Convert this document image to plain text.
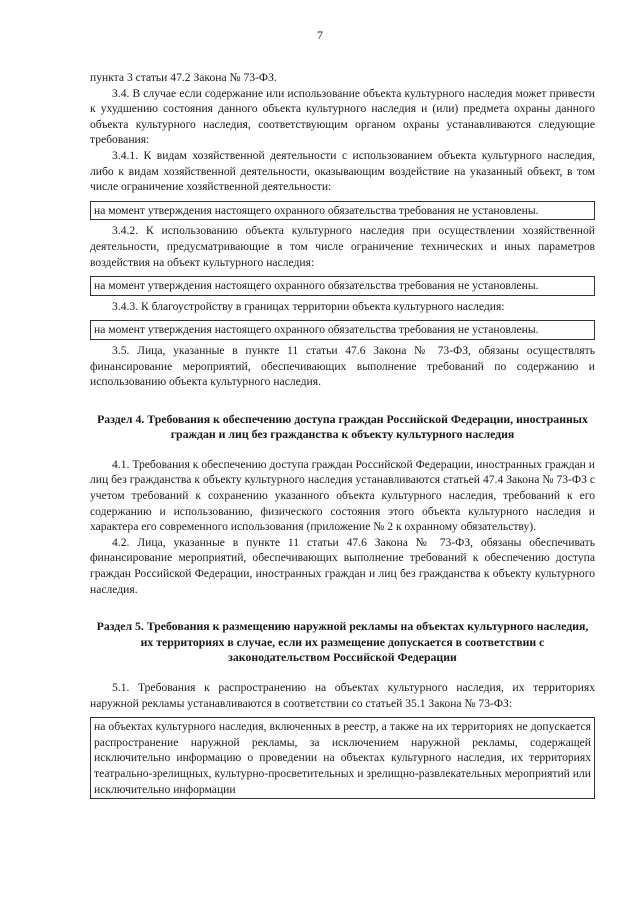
7

пункта 3 статьи 47.2 Закона № 73-ФЗ.

3.4. В случае если содержание или использование объекта культурного наследия может привести к ухудшению состояния данного объекта культурного наследия и (или) предмета охраны данного объекта культурного наследия, соответствующим органом охраны устанавливаются следующие требования:

3.4.1. К видам хозяйственной деятельности с использованием объекта культурного наследия, либо к видам хозяйственной деятельности, оказывающим воздействие на указанный объект, в том числе ограничение хозяйственной деятельности:

на момент утверждения настоящего охранного обязательства требования не установлены.

3.4.2. К использованию объекта культурного наследия при осуществлении хозяйственной деятельности, предусматривающие в том числе ограничение технических и иных параметров воздействия на объект культурного наследия:

на момент утверждения настоящего охранного обязательства требования не установлены.

3.4.3. К благоустройству в границах территории объекта культурного наследия:

на момент утверждения настоящего охранного обязательства требования не установлены.

3.5. Лица, указанные в пункте 11 статьи 47.6 Закона № 73-ФЗ, обязаны осуществлять финансирование мероприятий, обеспечивающих выполнение требований по содержанию и использованию объекта культурного наследия.

Раздел 4. Требования к обеспечению доступа граждан Российской Федерации, иностранных граждан и лиц без гражданства к объекту культурного наследия

4.1. Требования к обеспечению доступа граждан Российской Федерации, иностранных граждан и лиц без гражданства к объекту культурного наследия устанавливаются статьей 47.4 Закона № 73-ФЗ с учетом требований к сохранению указанного объекта культурного наследия, требований к его содержанию и использованию, физического состояния этого объекта культурного наследия и характера его современного использования (приложение № 2 к охранному обязательству).

4.2. Лица, указанные в пункте 11 статьи 47.6 Закона № 73-ФЗ, обязаны обеспечивать финансирование мероприятий, обеспечивающих выполнение требований к обеспечению доступа граждан Российской Федерации, иностранных граждан и лиц без гражданства к объекту культурного наследия.

Раздел 5. Требования к размещению наружной рекламы на объектах культурного наследия, их территориях в случае, если их размещение допускается в соответствии с законодательством Российской Федерации

5.1. Требования к распространению на объектах культурного наследия, их территориях наружной рекламы устанавливаются в соответствии со статьей 35.1 Закона № 73-ФЗ:

на объектах культурного наследия, включенных в реестр, а также на их территориях не допускается распространение наружной рекламы, за исключением наружной рекламы, содержащей исключительно информацию о проведении на объектах культурного наследия, их территориях театрально-зрелищных, культурно-просветительных и зрелищно-развлекательных мероприятий или исключительно информации
